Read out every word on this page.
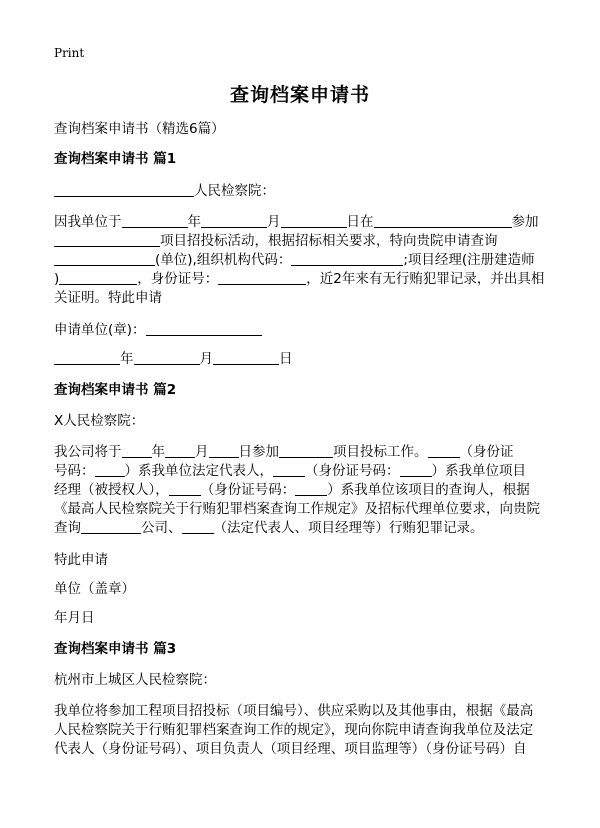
Print
查询档案申请书
查询档案申请书（精选6篇）
查询档案申请书 篇1
人民检察院：
因我单位于	年	月	日在	参加
项目招投标活动，根据招标相关要求，特向贵院申请查询
(单位),组织机构代码：	;项目经理(注册建造师
)	，身份证号：	，近2年来有无行贿犯罪记录，并出具相
关证明。特此申请
申请单位(章)：
年	月	日
查询档案申请书 篇2
X人民检察院：
我公司将于 年 月 日参加	项目投标工作。 （身份证
号码： ）系我单位法定代表人， （身份证号码： ）系我单位项目
经理（被授权人）， （身份证号码： ）系我单位该项目的查询人，根据
《最高人民检察院关于行贿犯罪档案查询工作规定》及招标代理单位要求，向贵院
查询	公司、 （法定代表人、项目经理等）行贿犯罪记录。
特此申请
单位（盖章）
年月日
查询档案申请书 篇3
杭州市上城区人民检察院：
我单位将参加工程项目招投标（项目编号）、供应采购以及其他事由，根据《最高
人民检察院关于行贿犯罪档案查询工作的规定》，现向你院申请查询我单位及法定
代表人（身份证号码）、项目负责人（项目经理、项目监理等）（身份证号码）自
